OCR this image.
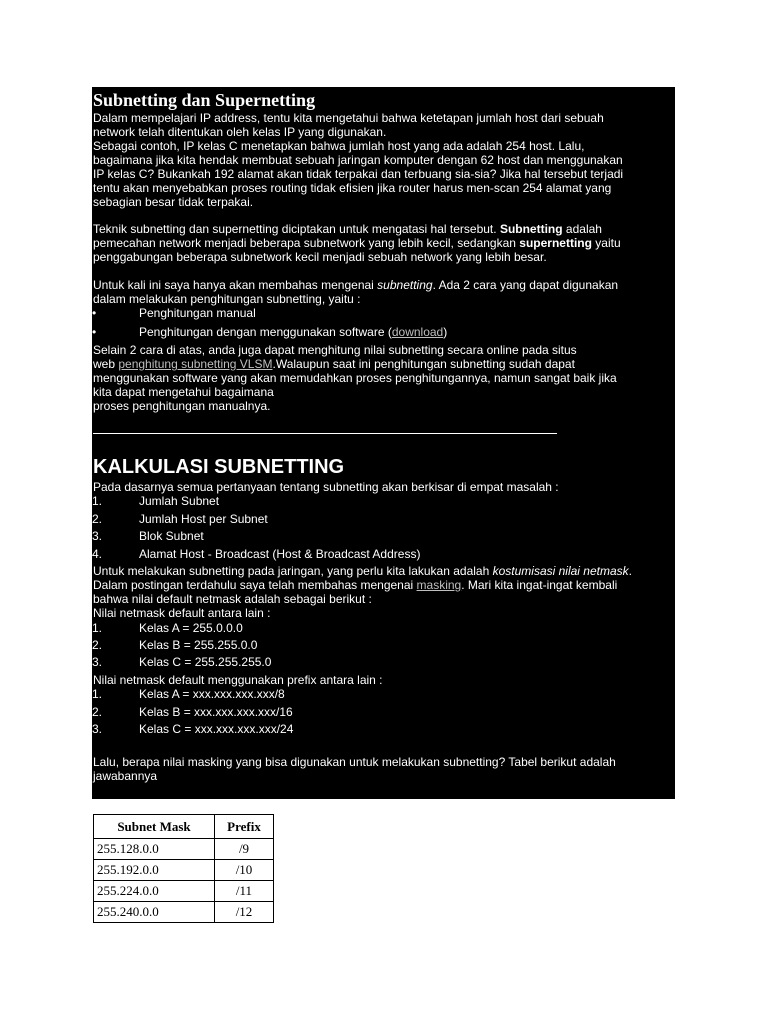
Subnetting dan Supernetting
Dalam mempelajari IP address, tentu kita mengetahui bahwa ketetapan jumlah host dari sebuah
network telah ditentukan oleh kelas IP yang digunakan.
Sebagai contoh, IP kelas C menetapkan bahwa jumlah host yang ada adalah 254 host. Lalu,
bagaimana jika kita hendak membuat sebuah jaringan komputer dengan 62 host dan menggunakan
IP kelas C? Bukankah 192 alamat akan tidak terpakai dan terbuang sia-sia? Jika hal tersebut terjadi
tentu akan menyebabkan proses routing tidak efisien jika router harus men-scan 254 alamat yang
sebagian besar tidak terpakai.
Teknik subnetting dan supernetting diciptakan untuk mengatasi hal tersebut. Subnetting adalah
pemecahan network menjadi beberapa subnetwork yang lebih kecil, sedangkan supernetting yaitu
penggabungan beberapa subnetwork kecil menjadi sebuah network yang lebih besar.
Untuk kali ini saya hanya akan membahas mengenai subnetting. Ada 2 cara yang dapat digunakan
dalam melakukan penghitungan subnetting, yaitu :
•	Penghitungan manual
•	Penghitungan dengan menggunakan software (download)
Selain 2 cara di atas, anda juga dapat menghitung nilai subnetting secara online pada situs
web penghitung subnetting VLSM.Walaupun saat ini penghitungan subnetting sudah dapat
menggunakan software yang akan memudahkan proses penghitungannya, namun sangat baik jika
kita dapat mengetahui bagaimana
proses penghitungan manualnya.
KALKULASI SUBNETTING
Pada dasarnya semua pertanyaan tentang subnetting akan berkisar di empat masalah :
1.	Jumlah Subnet
2.	Jumlah Host per Subnet
3.	Blok Subnet
4.	Alamat Host - Broadcast (Host & Broadcast Address)
Untuk melakukan subnetting pada jaringan, yang perlu kita lakukan adalah kostumisasi nilai netmask.
Dalam postingan terdahulu saya telah membahas mengenai masking. Mari kita ingat-ingat kembali
bahwa nilai default netmask adalah sebagai berikut :
Nilai netmask default antara lain :
1.	Kelas A = 255.0.0.0
2.	Kelas B = 255.255.0.0
3.	Kelas C = 255.255.255.0
Nilai netmask default menggunakan prefix antara lain :
1.	Kelas A = xxx.xxx.xxx.xxx/8
2.	Kelas B = xxx.xxx.xxx.xxx/16
3.	Kelas C = xxx.xxx.xxx.xxx/24
Lalu, berapa nilai masking yang bisa digunakan untuk melakukan subnetting? Tabel berikut adalah
jawabannya
Subnet Mask	Prefix
255.128.0.0	/9
255.192.0.0	/10
255.224.0.0	/11
255.240.0.0	/12
